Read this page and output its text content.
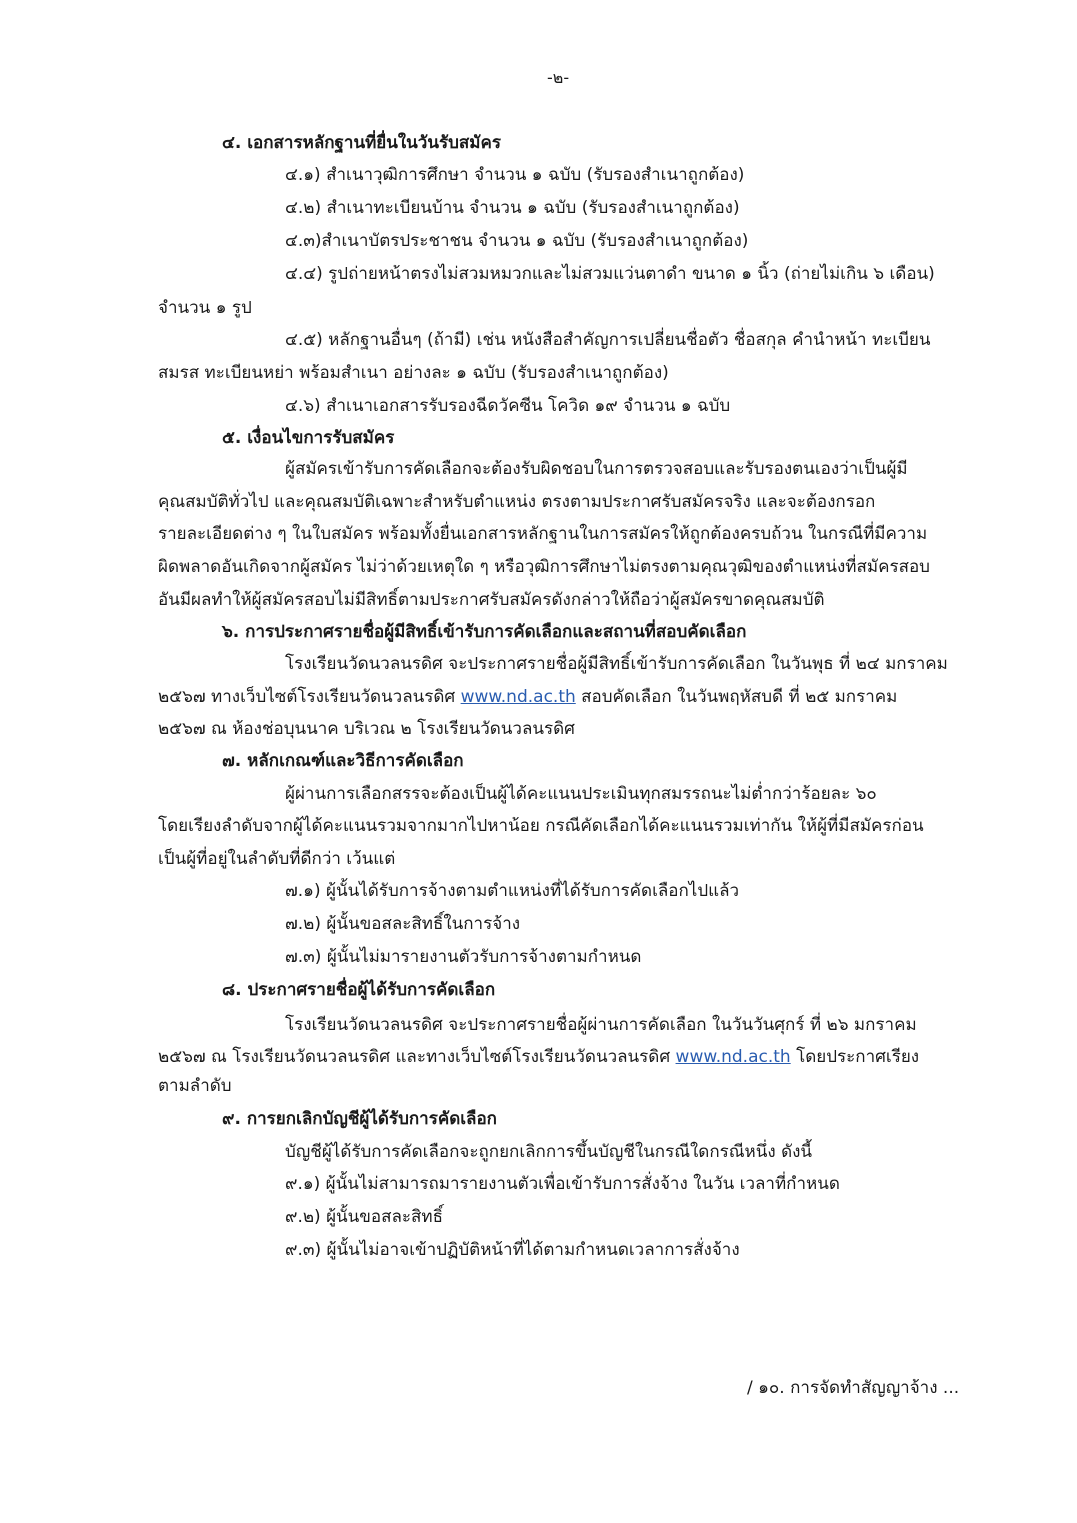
-๒-
๔. เอกสารหลักฐานที่ยื่นในวันรับสมัคร
๔.๑) สำเนาวุฒิการศึกษา จำนวน ๑ ฉบับ (รับรองสำเนาถูกต้อง)
๔.๒) สำเนาทะเบียนบ้าน จำนวน ๑ ฉบับ (รับรองสำเนาถูกต้อง)
๔.๓)สำเนาบัตรประชาชน จำนวน ๑ ฉบับ (รับรองสำเนาถูกต้อง)
๔.๔) รูปถ่ายหน้าตรงไม่สวมหมวกและไม่สวมแว่นตาดำ ขนาด ๑ นิ้ว (ถ่ายไม่เกิน ๖ เดือน)
จำนวน ๑ รูป
๔.๕) หลักฐานอื่นๆ (ถ้ามี) เช่น หนังสือสำคัญการเปลี่ยนชื่อตัว ชื่อสกุล คำนำหน้า ทะเบียน
สมรส ทะเบียนหย่า พร้อมสำเนา อย่างละ ๑ ฉบับ (รับรองสำเนาถูกต้อง)
๔.๖) สำเนาเอกสารรับรองฉีดวัคซีน โควิด ๑๙ จำนวน ๑ ฉบับ
๕. เงื่อนไขการรับสมัคร
ผู้สมัครเข้ารับการคัดเลือกจะต้องรับผิดชอบในการตรวจสอบและรับรองตนเองว่าเป็นผู้มี
คุณสมบัติทั่วไป และคุณสมบัติเฉพาะสำหรับตำแหน่ง ตรงตามประกาศรับสมัครจริง และจะต้องกรอก
รายละเอียดต่าง ๆ ในใบสมัคร พร้อมทั้งยื่นเอกสารหลักฐานในการสมัครให้ถูกต้องครบถ้วน ในกรณีที่มีความ
ผิดพลาดอันเกิดจากผู้สมัคร ไม่ว่าด้วยเหตุใด ๆ หรือวุฒิการศึกษาไม่ตรงตามคุณวุฒิของตำแหน่งที่สมัครสอบ
อันมีผลทำให้ผู้สมัครสอบไม่มีสิทธิ์ตามประกาศรับสมัครดังกล่าวให้ถือว่าผู้สมัครขาดคุณสมบัติ
๖. การประกาศรายชื่อผู้มีสิทธิ์เข้ารับการคัดเลือกและสถานที่สอบคัดเลือก
โรงเรียนวัดนวลนรดิศ จะประกาศรายชื่อผู้มีสิทธิ์เข้ารับการคัดเลือก ในวันพุธ ที่ ๒๔ มกราคม
๒๕๖๗ ทางเว็บไซต์โรงเรียนวัดนวลนรดิศ www.nd.ac.th สอบคัดเลือก ในวันพฤหัสบดี ที่ ๒๕ มกราคม
๒๕๖๗ ณ ห้องช่อบุนนาค บริเวณ ๒ โรงเรียนวัดนวลนรดิศ
๗. หลักเกณฑ์และวิธีการคัดเลือก
ผู้ผ่านการเลือกสรรจะต้องเป็นผู้ได้คะแนนประเมินทุกสมรรถนะไม่ต่ำกว่าร้อยละ ๖๐
โดยเรียงลำดับจากผู้ได้คะแนนรวมจากมากไปหาน้อย กรณีคัดเลือกได้คะแนนรวมเท่ากัน ให้ผู้ที่มีสมัครก่อน
เป็นผู้ที่อยู่ในลำดับที่ดีกว่า เว้นแต่
๗.๑) ผู้นั้นได้รับการจ้างตามตำแหน่งที่ได้รับการคัดเลือกไปแล้ว
๗.๒) ผู้นั้นขอสละสิทธิ์ในการจ้าง
๗.๓) ผู้นั้นไม่มารายงานตัวรับการจ้างตามกำหนด
๘. ประกาศรายชื่อผู้ได้รับการคัดเลือก
โรงเรียนวัดนวลนรดิศ จะประกาศรายชื่อผู้ผ่านการคัดเลือก ในวันวันศุกร์ ที่ ๒๖ มกราคม
๒๕๖๗ ณ โรงเรียนวัดนวลนรดิศ และทางเว็บไซต์โรงเรียนวัดนวลนรดิศ www.nd.ac.th โดยประกาศเรียง
ตามลำดับ
๙. การยกเลิกบัญชีผู้ได้รับการคัดเลือก
บัญชีผู้ได้รับการคัดเลือกจะถูกยกเลิกการขึ้นบัญชีในกรณีใดกรณีหนึ่ง ดังนี้
๙.๑) ผู้นั้นไม่สามารถมารายงานตัวเพื่อเข้ารับการสั่งจ้าง ในวัน เวลาที่กำหนด
๙.๒) ผู้นั้นขอสละสิทธิ์
๙.๓) ผู้นั้นไม่อาจเข้าปฏิบัติหน้าที่ได้ตามกำหนดเวลาการสั่งจ้าง
/ ๑๐. การจัดทำสัญญาจ้าง ...
